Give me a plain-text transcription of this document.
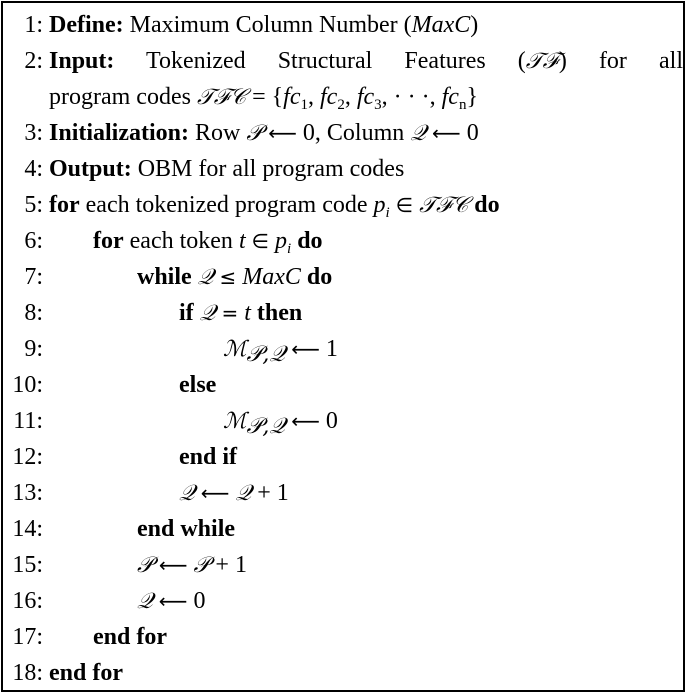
1: Define: Maximum Column Number (MaxC)
2: Input: Tokenized Structural Features (𝒯ℱ) for all
program codes 𝒯ℱ𝒞 = {$fc_1$, $fc_2$, $fc_3$, · · ·, $fc_n$}
3: Initialization: Row 𝒫 ⟵ 0, Column 𝒬 ⟵ 0
4: Output: OBM for all program codes
5: for each tokenized program code $p_i$ ∈ 𝒯ℱ𝒞 do
6: for each token t ∈ $p_i$ do
7:	while 𝒬 ≤ MaxC do
8:	if 𝒬 = t then
9:	ℳ$_{𝒫,𝒬}$ ⟵ 1
10:	else
11:	ℳ$_{𝒫,𝒬}$ ⟵ 0
12:	end if
13:	𝒬 ⟵ 𝒬 + 1
14:	end while
15:	𝒫 ⟵ 𝒫 + 1
16:	𝒬 ⟵ 0
17: end for
18: end for
